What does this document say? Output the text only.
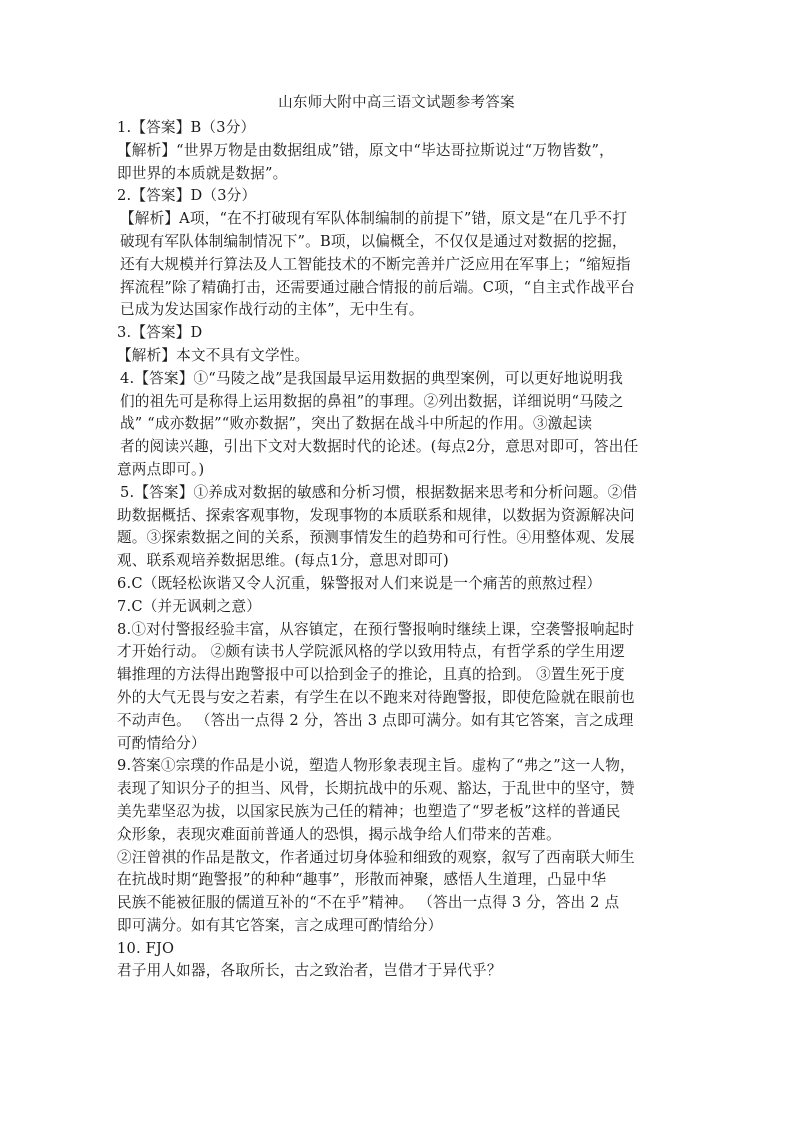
山东师大附中高三语文试题参考答案
1.【答案】B（3分）
【解析】“世界万物是由数据组成”错，原文中“毕达哥拉斯说过“万物皆数”，
即世界的本质就是数据”。
2.【答案】D（3分）
【解析】A项，“在不打破现有军队体制编制的前提下”错，原文是“在几乎不打
破现有军队体制编制情况下”。B项，以偏概全，不仅仅是通过对数据的挖掘，
还有大规模并行算法及人工智能技术的不断完善并广泛应用在军事上；“缩短指
挥流程”除了精确打击，还需要通过融合情报的前后端。C项，“自主式作战平台
已成为发达国家作战行动的主体”，无中生有。
3.【答案】D
【解析】本文不具有文学性。
4.【答案】①“马陵之战”是我国最早运用数据的典型案例，可以更好地说明我
们的祖先可是称得上运用数据的鼻祖”的事理。②列出数据，详细说明“马陵之
战” “成亦数据”“败亦数据”，突出了数据在战斗中所起的作用。③激起读
者的阅读兴趣，引出下文对大数据时代的论述。(每点2分，意思对即可，答出任
意两点即可。)
5.【答案】①养成对数据的敏感和分析习惯，根据数据来思考和分析问题。②借
助数据概括、探索客观事物，发现事物的本质联系和规律，以数据为资源解决问
题。③探索数据之间的关系，预测事情发生的趋势和可行性。④用整体观、发展
观、联系观培养数据思维。(每点1分，意思对即可)
6.C（既轻松诙谐又令人沉重，躲警报对人们来说是一个痛苦的煎熬过程）
7.C（并无讽刺之意）
8.①对付警报经验丰富，从容镇定，在预行警报响时继续上课，空袭警报响起时
才开始行动。 ②颇有读书人学院派风格的学以致用特点，有哲学系的学生用逻
辑推理的方法得出跑警报中可以拾到金子的推论，且真的拾到。 ③置生死于度
外的大气无畏与安之若素，有学生在以不跑来对待跑警报，即使危险就在眼前也
不动声色。 （答出一点得 2 分，答出 3 点即可满分。如有其它答案，言之成理
可酌情给分）
9.答案①宗璞的作品是小说，塑造人物形象表现主旨。虚构了“弗之”这一人物，
表现了知识分子的担当、风骨，长期抗战中的乐观、豁达，于乱世中的坚守，赞
美先辈坚忍为拔，以国家民族为己任的精神；也塑造了“罗老板”这样的普通民
众形象，表现灾难面前普通人的恐惧，揭示战争给人们带来的苦难。
②汪曾祺的作品是散文，作者通过切身体验和细致的观察，叙写了西南联大师生
在抗战时期“跑警报”的种种“趣事”，形散而神聚，感悟人生道理，凸显中华
民族不能被征服的儒道互补的“不在乎”精神。 （答出一点得 3 分，答出 2 点
即可满分。如有其它答案，言之成理可酌情给分）
10. FJO
君子用人如器，各取所长，古之致治者，岂借才于异代乎？
